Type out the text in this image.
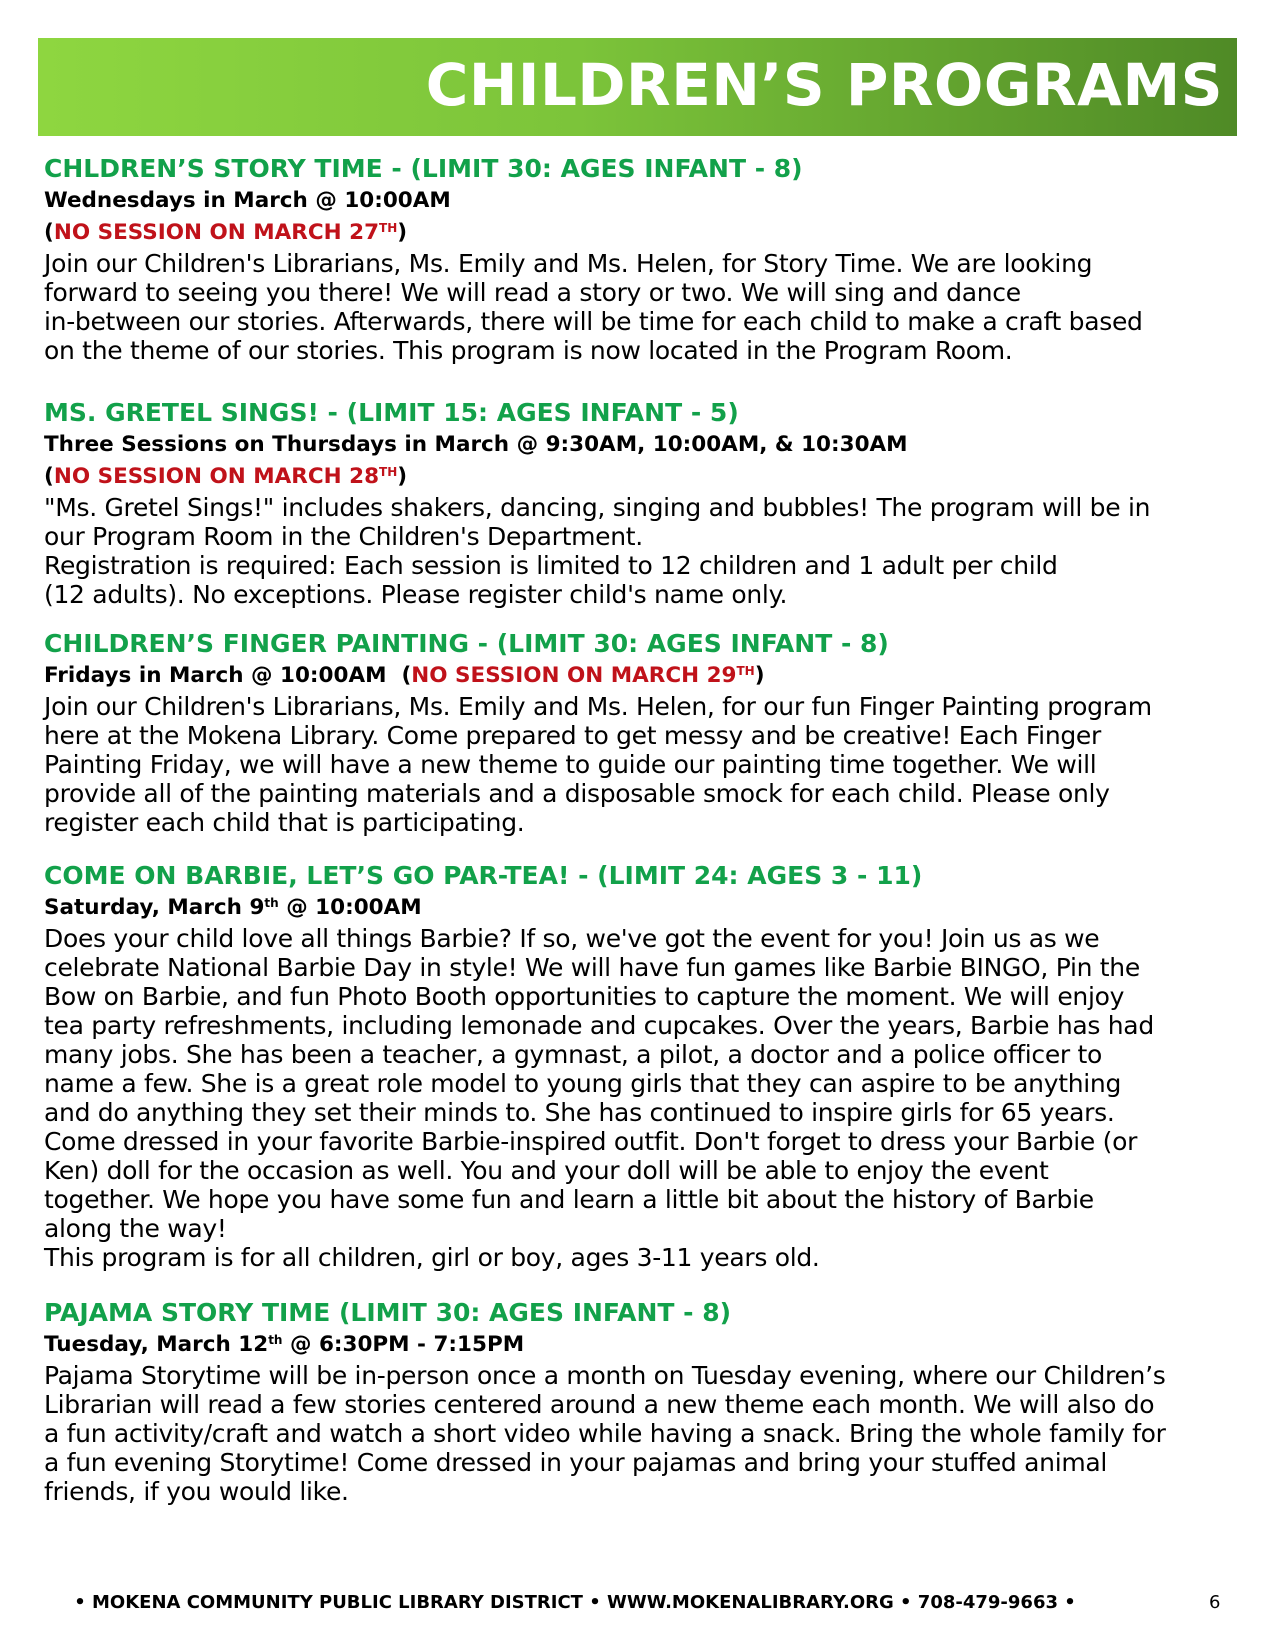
CHILDREN’S PROGRAMS
CHLDREN’S STORY TIME - (LIMIT 30: AGES INFANT - 8)
Wednesdays in March @ 10:00AM
(NO SESSION ON MARCH 27TH)
Join our Children's Librarians, Ms. Emily and Ms. Helen, for Story Time. We are looking
forward to seeing you there! We will read a story or two. We will sing and dance
in-between our stories. Afterwards, there will be time for each child to make a craft based
on the theme of our stories. This program is now located in the Program Room.
MS. GRETEL SINGS! - (LIMIT 15: AGES INFANT - 5)
Three Sessions on Thursdays in March @ 9:30AM, 10:00AM, & 10:30AM
(NO SESSION ON MARCH 28TH)
"Ms. Gretel Sings!" includes shakers, dancing, singing and bubbles! The program will be in
our Program Room in the Children's Department.
Registration is required: Each session is limited to 12 children and 1 adult per child
(12 adults). No exceptions. Please register child's name only.
CHILDREN’S FINGER PAINTING - (LIMIT 30: AGES INFANT - 8)
Fridays in March @ 10:00AM  (NO SESSION ON MARCH 29TH)
Join our Children's Librarians, Ms. Emily and Ms. Helen, for our fun Finger Painting program
here at the Mokena Library. Come prepared to get messy and be creative! Each Finger
Painting Friday, we will have a new theme to guide our painting time together. We will
provide all of the painting materials and a disposable smock for each child. Please only
register each child that is participating.
COME ON BARBIE, LET’S GO PAR-TEA! - (LIMIT 24: AGES 3 - 11)
Saturday, March 9th @ 10:00AM
Does your child love all things Barbie? If so, we've got the event for you! Join us as we
celebrate National Barbie Day in style! We will have fun games like Barbie BINGO, Pin the
Bow on Barbie, and fun Photo Booth opportunities to capture the moment. We will enjoy
tea party refreshments, including lemonade and cupcakes. Over the years, Barbie has had
many jobs. She has been a teacher, a gymnast, a pilot, a doctor and a police officer to
name a few. She is a great role model to young girls that they can aspire to be anything
and do anything they set their minds to. She has continued to inspire girls for 65 years.
Come dressed in your favorite Barbie-inspired outfit. Don't forget to dress your Barbie (or
Ken) doll for the occasion as well. You and your doll will be able to enjoy the event
together. We hope you have some fun and learn a little bit about the history of Barbie
along the way!
This program is for all children, girl or boy, ages 3-11 years old.
PAJAMA STORY TIME (LIMIT 30: AGES INFANT - 8)
Tuesday, March 12th @ 6:30PM - 7:15PM
Pajama Storytime will be in-person once a month on Tuesday evening, where our Children’s
Librarian will read a few stories centered around a new theme each month. We will also do
a fun activity/craft and watch a short video while having a snack. Bring the whole family for
a fun evening Storytime! Come dressed in your pajamas and bring your stuffed animal
friends, if you would like.
• MOKENA COMMUNITY PUBLIC LIBRARY DISTRICT • WWW.MOKENALIBRARY.ORG • 708-479-9663 •	6
